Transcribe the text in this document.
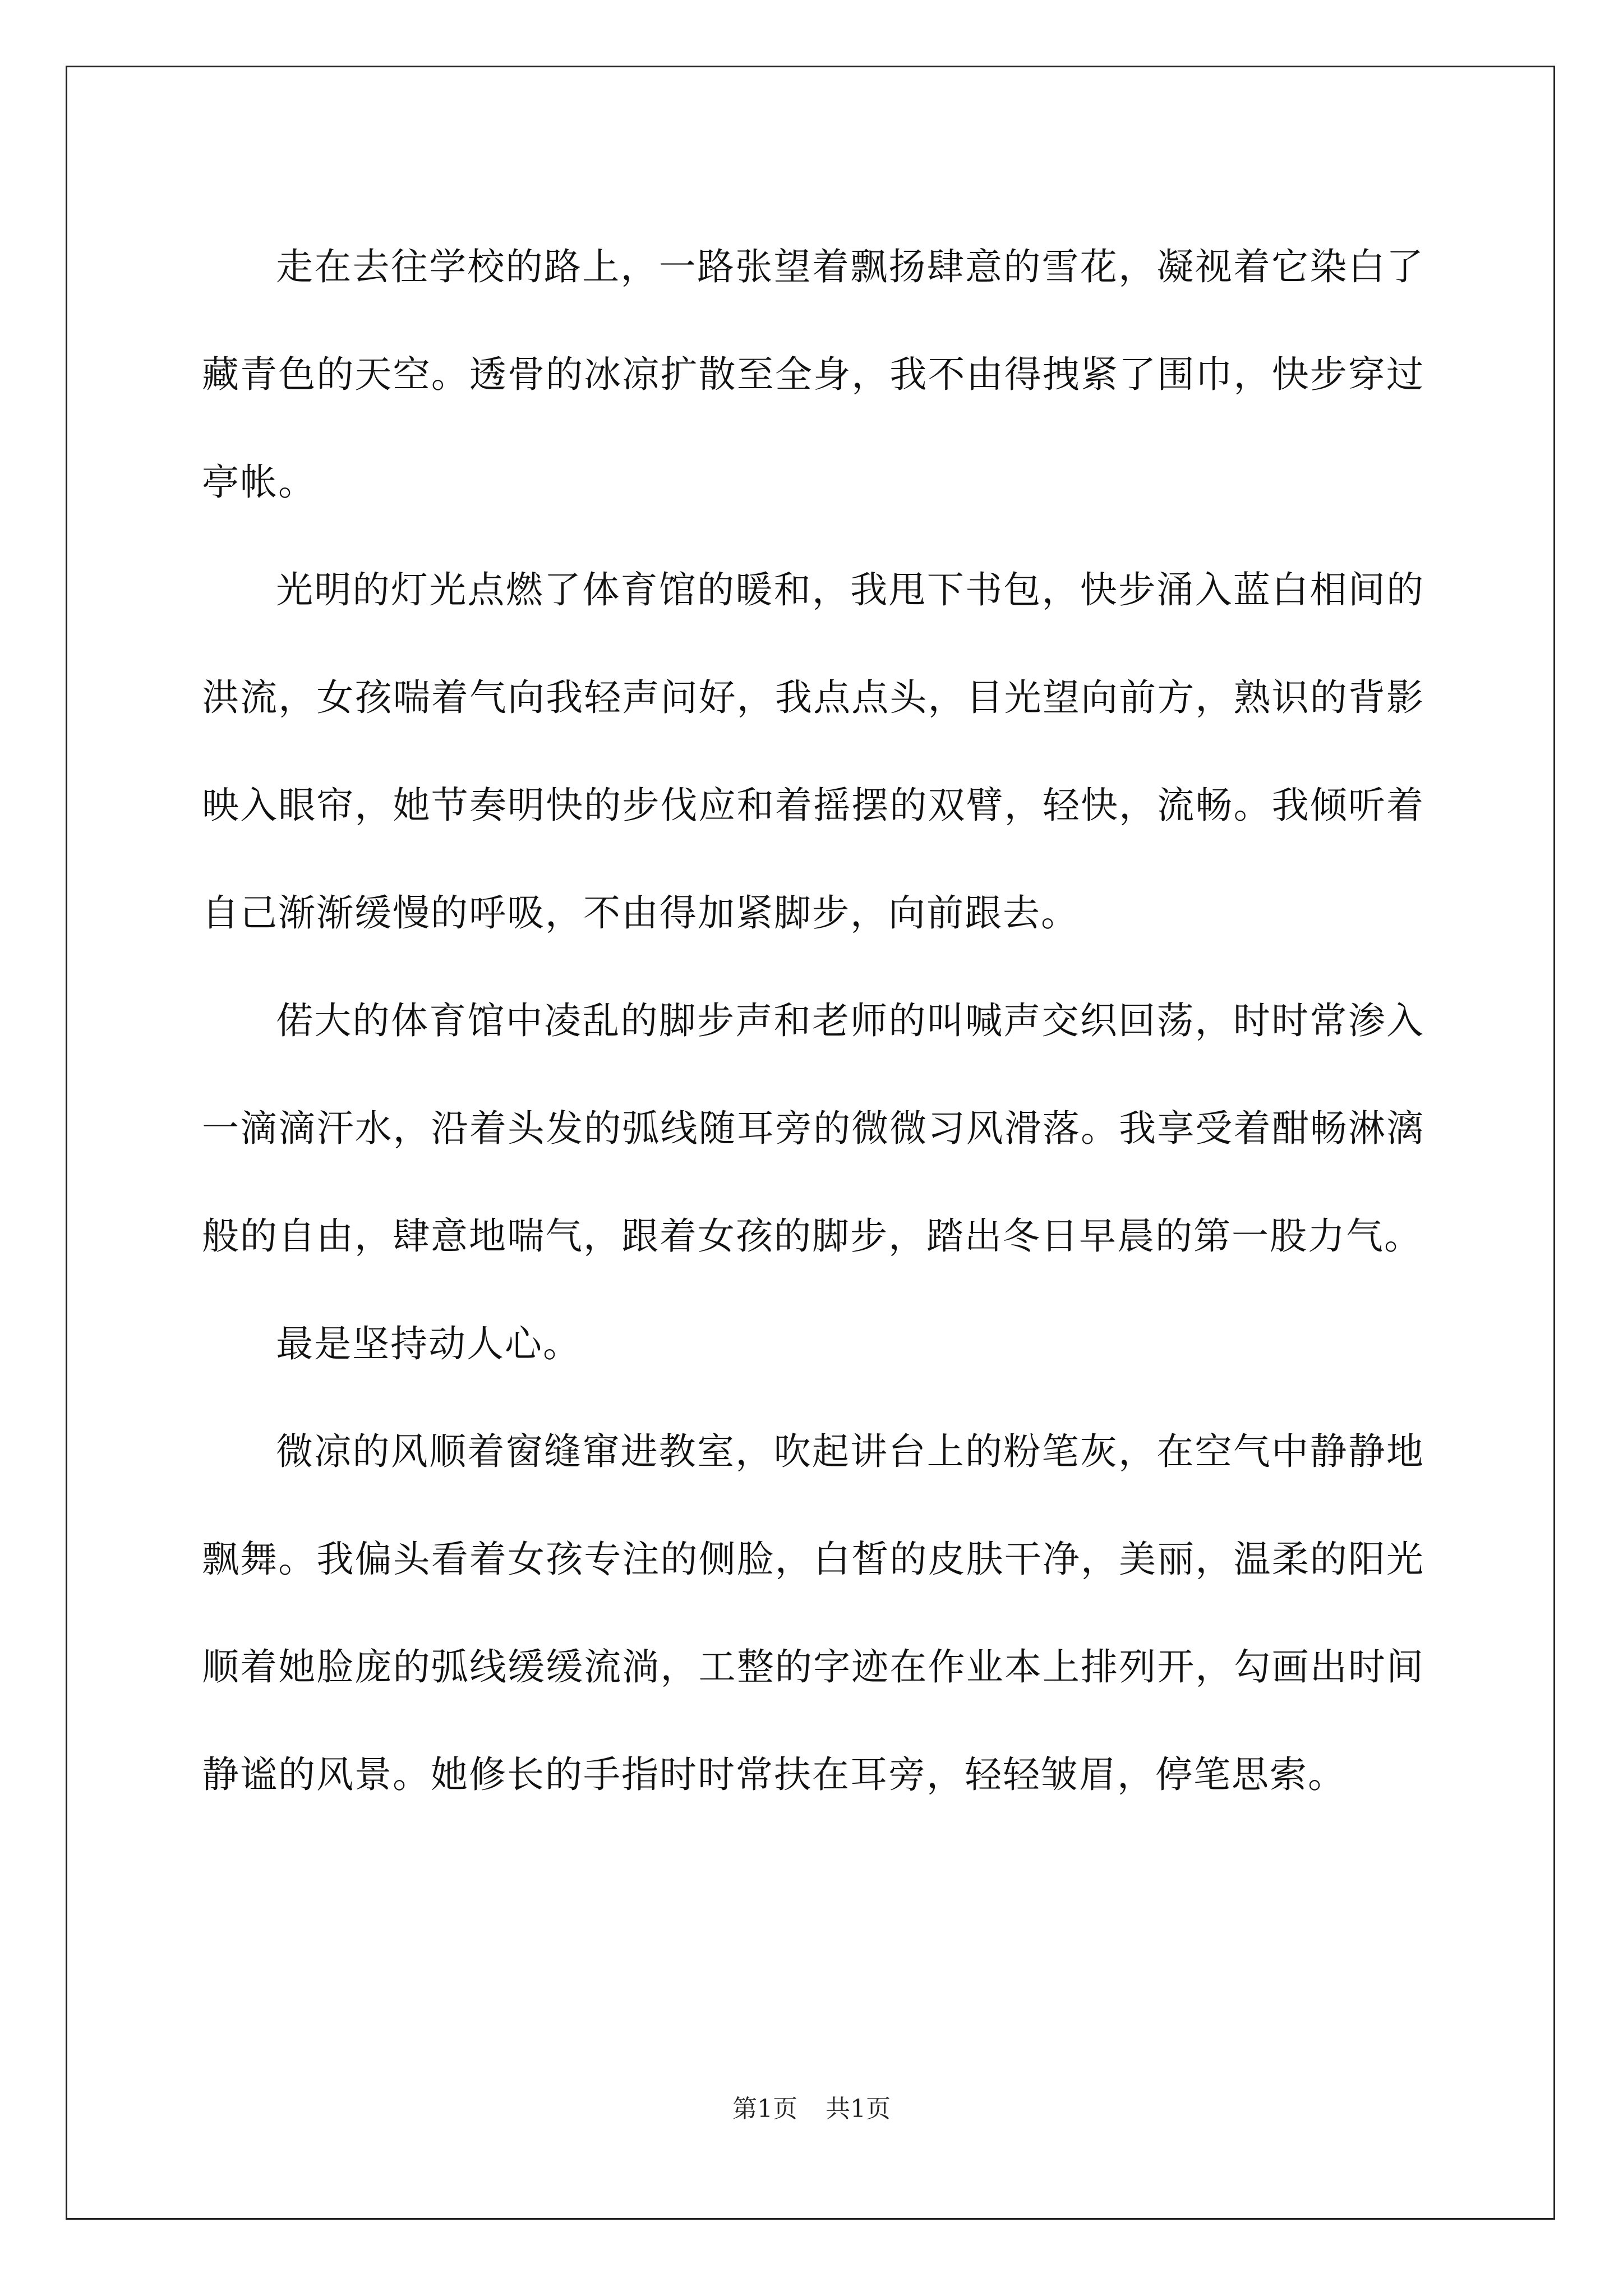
走在去往学校的路上，一路张望着飘扬肆意的雪花，凝视着它染白了藏青色的天空。透骨的冰凉扩散至全身，我不由得拽紧了围巾，快步穿过亭帐。

光明的灯光点燃了体育馆的暖和，我甩下书包，快步涌入蓝白相间的洪流，女孩喘着气向我轻声问好，我点点头，目光望向前方，熟识的背影映入眼帘，她节奏明快的步伐应和着摇摆的双臂，轻快，流畅。我倾听着自己渐渐缓慢的呼吸，不由得加紧脚步，向前跟去。

偌大的体育馆中凌乱的脚步声和老师的叫喊声交织回荡，时时常渗入一滴滴汗水，沿着头发的弧线随耳旁的微微习风滑落。我享受着酣畅淋漓般的自由，肆意地喘气，跟着女孩的脚步，踏出冬日早晨的第一股力气。

最是坚持动人心。

微凉的风顺着窗缝窜进教室，吹起讲台上的粉笔灰，在空气中静静地飘舞。我偏头看着女孩专注的侧脸，白皙的皮肤干净，美丽，温柔的阳光顺着她脸庞的弧线缓缓流淌，工整的字迹在作业本上排列开，勾画出时间静谧的风景。她修长的手指时时常扶在耳旁，轻轻皱眉，停笔思索。

第1页 共1页
